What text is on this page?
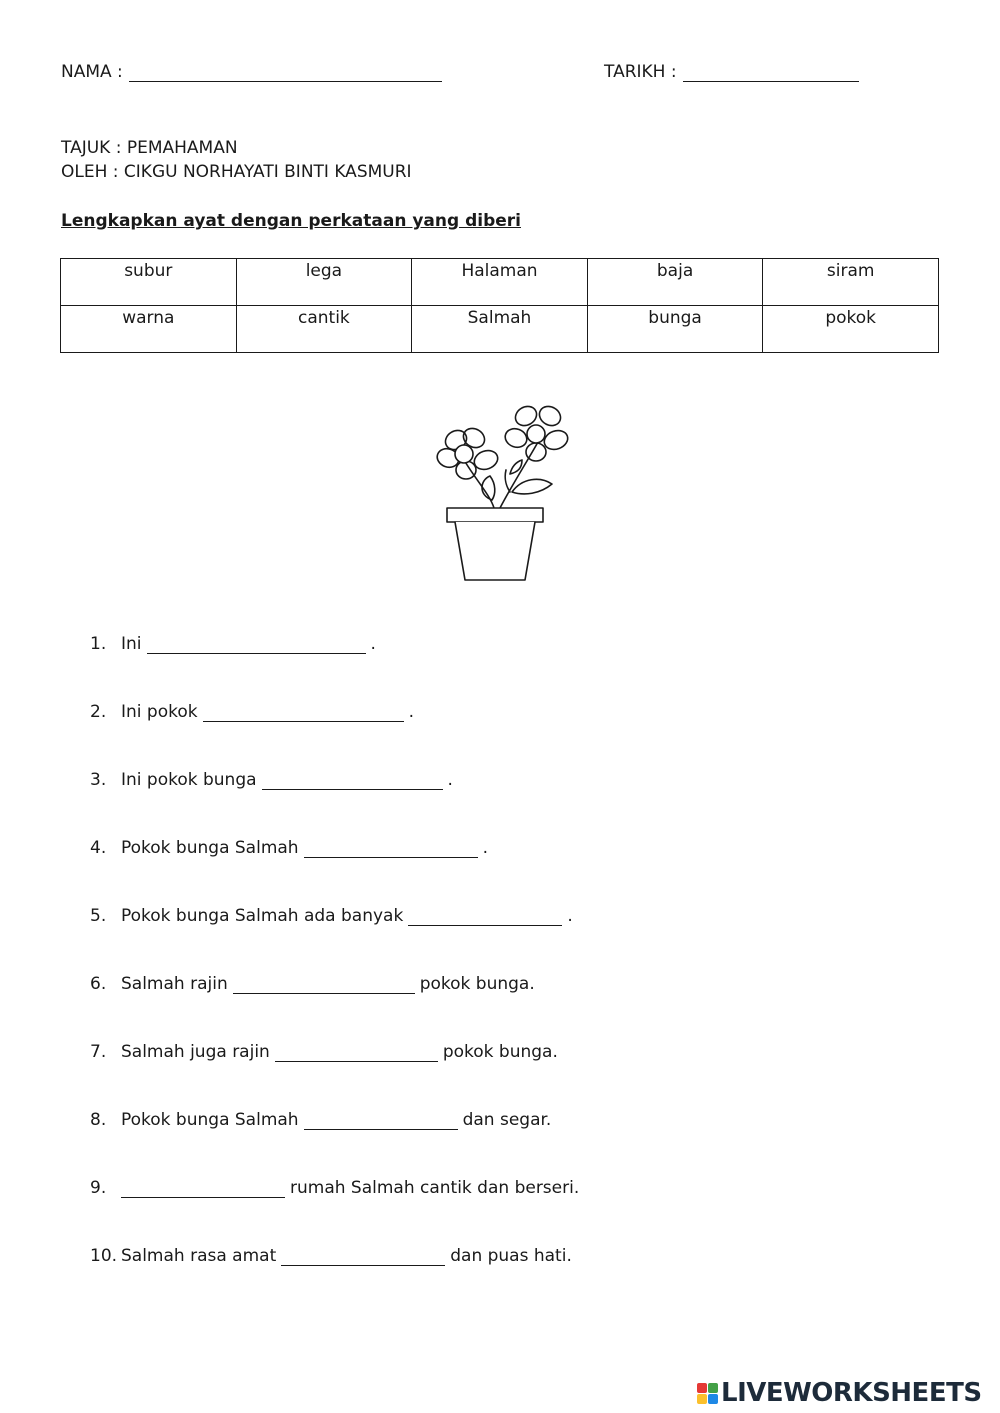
NAMA :	TARIKH :
TAJUK : PEMAHAMAN
OLEH : CIKGU NORHAYATI BINTI KASMURI
Lengkapkan ayat dengan perkataan yang diberi
subur	lega	Halaman	baja	siram
warna	cantik	Salmah	bunga	pokok
1. Ini	.
2. Ini pokok	.
3. Ini pokok bunga	.
4. Pokok bunga Salmah	.
5. Pokok bunga Salmah ada banyak	.
6. Salmah rajin	pokok bunga.
7. Salmah juga rajin	pokok bunga.
8. Pokok bunga Salmah	dan segar.
9.	rumah Salmah cantik dan berseri.
10. Salmah rasa amat	dan puas hati.
LIVEWORKSHEETS
